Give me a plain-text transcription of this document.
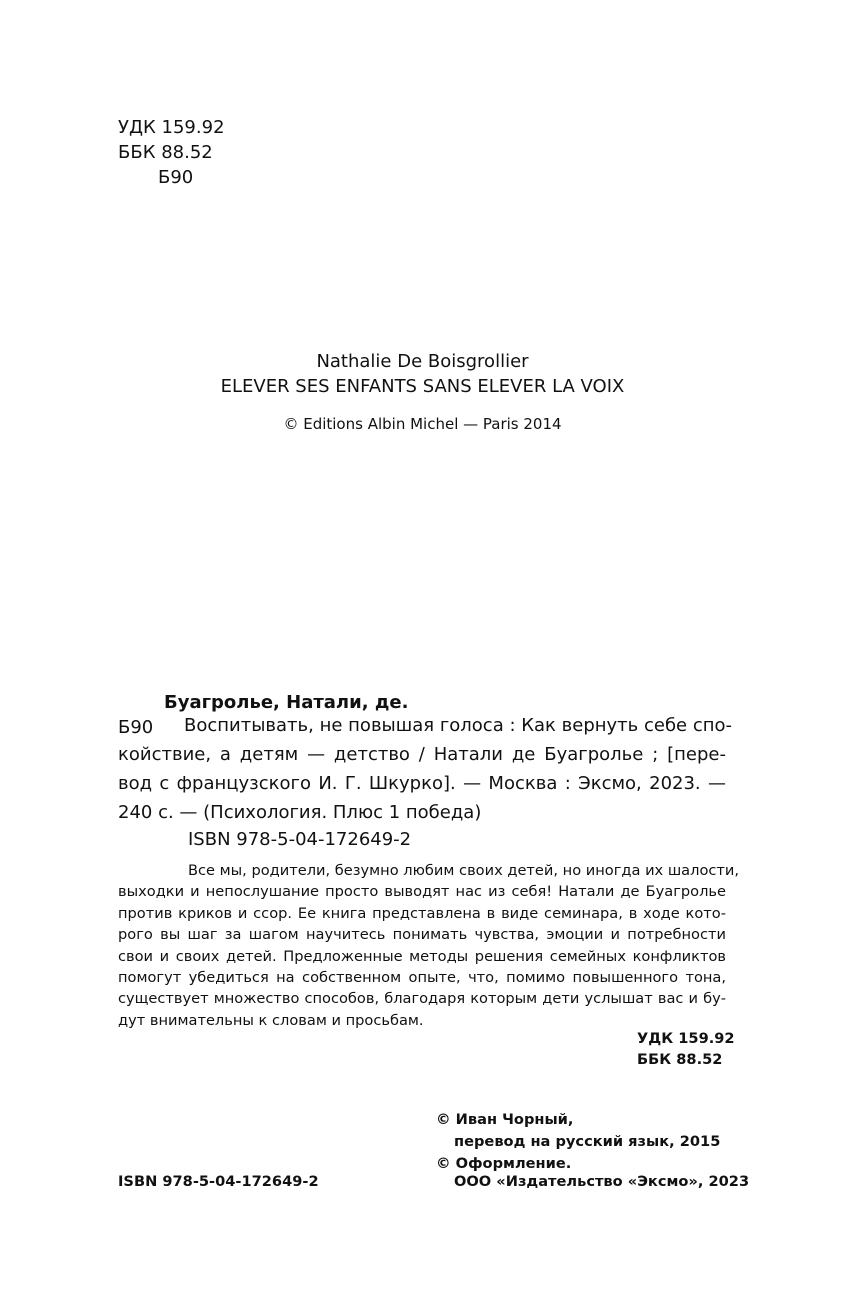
УДК 159.92
ББК 88.52
Б90
Nathalie De Boisgrollier
ELEVER SES ENFANTS SANS ELEVER LA VOIX
© Editions Albin Michel — Paris 2014
Буагролье, Натали, де.
Б90	Воспитывать, не повышая голоса : Как вернуть себе спо-
койствие, а детям — детство / Натали де Буагролье ; [пере-
вод с французского И. Г. Шкурко]. — Москва : Эксмо, 2023. —
240 с. — (Психология. Плюс 1 победа)
ISBN 978-5-04-172649-2
Все мы, родители, безумно любим своих детей, но иногда их шалости,
выходки и непослушание просто выводят нас из себя! Натали де Буагролье
против криков и ссор. Ее книга представлена в виде семинара, в ходе кото-
рого вы шаг за шагом научитесь понимать чувства, эмоции и потребности
свои и своих детей. Предложенные методы решения семейных конфликтов
помогут убедиться на собственном опыте, что, помимо повышенного тона,
существует множество способов, благодаря которым дети услышат вас и бу-
дут внимательны к словам и просьбам.
УДК 159.92
ББК 88.52
© Иван Чорный,
перевод на русский язык, 2015
© Оформление.
ООО «Издательство «Эксмо», 2023
ISBN 978-5-04-172649-2
